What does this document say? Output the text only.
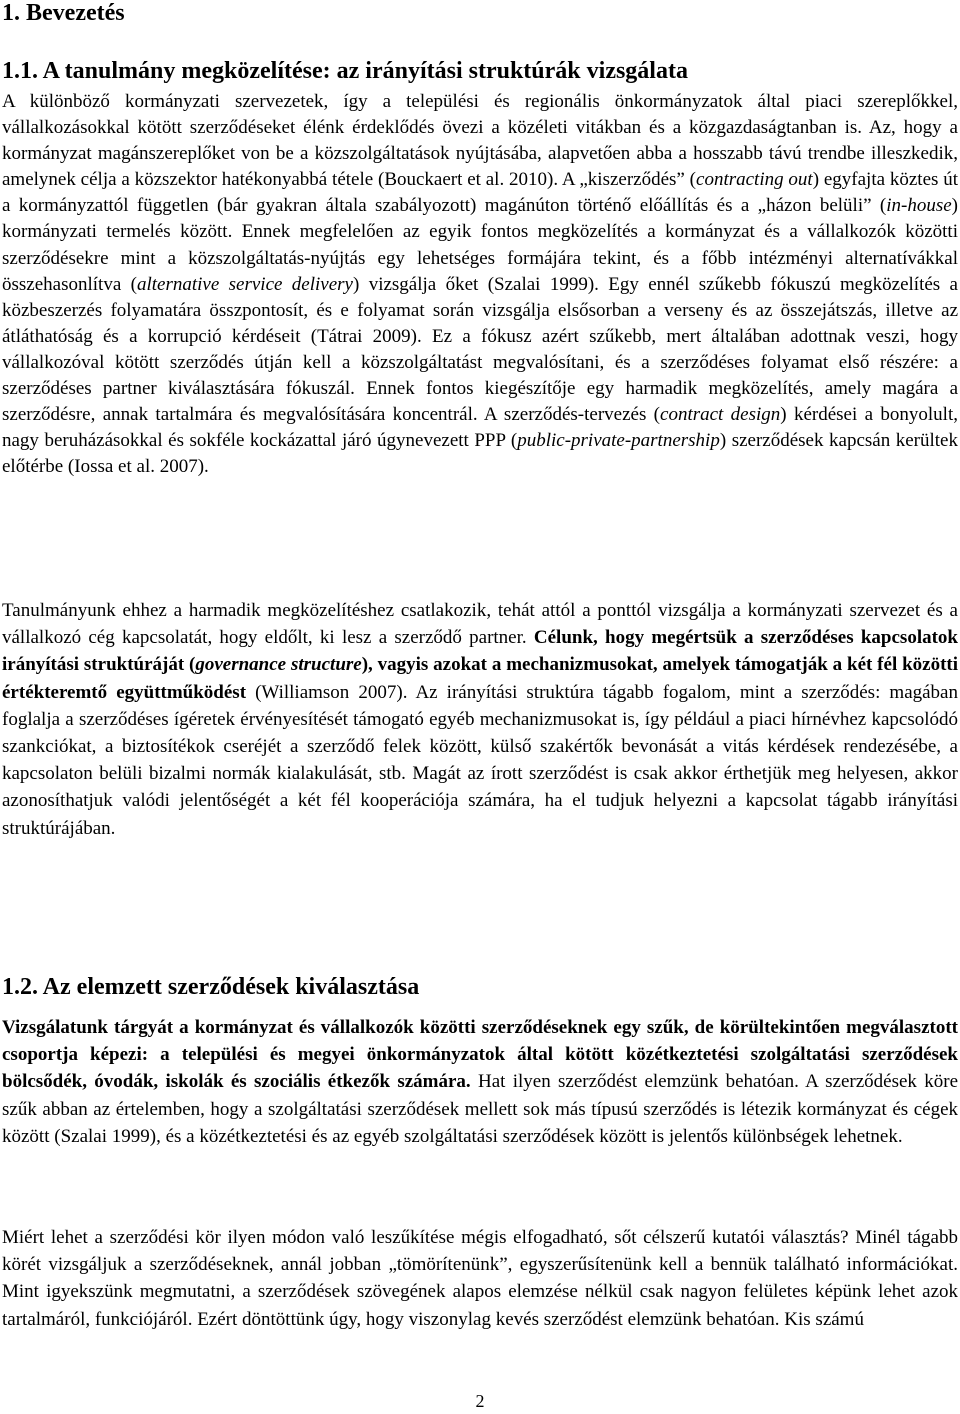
1. Bevezetés
1.1. A tanulmány megközelítése: az irányítási struktúrák vizsgálata

A különböző kormányzati szervezetek, így a települési és regionális önkormányzatok által piaci szereplőkkel, vállalkozásokkal kötött szerződéseket élénk érdeklődés övezi a közéleti vitákban és a közgazdaságtanban is. Az, hogy a kormányzat magánszereplőket von be a közszolgáltatások nyújtásába, alapvetően abba a hosszabb távú trendbe illeszkedik, amelynek célja a közszektor hatékonyabbá tétele (Bouckaert et al. 2010). A „kiszerződés” (contracting out) egyfajta köztes út a kormányzattól független (bár gyakran általa szabályozott) magánúton történő előállítás és a „házon belüli” (in-house) kormányzati termelés között. Ennek megfelelően az egyik fontos megközelítés a kormányzat és a vállalkozók közötti szerződésekre mint a közszolgáltatás-nyújtás egy lehetséges formájára tekint, és a főbb intézményi alternatívákkal összehasonlítva (alternative service delivery) vizsgálja őket (Szalai 1999). Egy ennél szűkebb fókuszú megközelítés a közbeszerzés folyamatára összpontosít, és e folyamat során vizsgálja elsősorban a verseny és az összejátszás, illetve az átláthatóság és a korrupció kérdéseit (Tátrai 2009). Ez a fókusz azért szűkebb, mert általában adottnak veszi, hogy vállalkozóval kötött szerződés útján kell a közszolgáltatást megvalósítani, és a szerződéses folyamat első részére: a szerződéses partner kiválasztására fókuszál. Ennek fontos kiegészítője egy harmadik megközelítés, amely magára a szerződésre, annak tartalmára és megvalósítására koncentrál. A szerződés-tervezés (contract design) kérdései a bonyolult, nagy beruházásokkal és sokféle kockázattal járó úgynevezett PPP (public-private-partnership) szerződések kapcsán kerültek előtérbe (Iossa et al. 2007).

Tanulmányunk ehhez a harmadik megközelítéshez csatlakozik, tehát attól a ponttól vizsgálja a kormányzati szervezet és a vállalkozó cég kapcsolatát, hogy eldőlt, ki lesz a szerződő partner. Célunk, hogy megértsük a szerződéses kapcsolatok irányítási struktúráját (governance structure), vagyis azokat a mechanizmusokat, amelyek támogatják a két fél közötti értékteremtő együttműködést (Williamson 2007). Az irányítási struktúra tágabb fogalom, mint a szerződés: magában foglalja a szerződéses ígéretek érvényesítését támogató egyéb mechanizmusokat is, így például a piaci hírnévhez kapcsolódó szankciókat, a biztosítékok cseréjét a szerződő felek között, külső szakértők bevonását a vitás kérdések rendezésébe, a kapcsolaton belüli bizalmi normák kialakulását, stb. Magát az írott szerződést is csak akkor érthetjük meg helyesen, akkor azonosíthatjuk valódi jelentőségét a két fél kooperációja számára, ha el tudjuk helyezni a kapcsolat tágabb irányítási struktúrájában.

1.2. Az elemzett szerződések kiválasztása

Vizsgálatunk tárgyát a kormányzat és vállalkozók közötti szerződéseknek egy szűk, de körültekintően megválasztott csoportja képezi: a települési és megyei önkormányzatok által kötött közétkeztetési szolgáltatási szerződések bölcsődék, óvodák, iskolák és szociális étkezők számára. Hat ilyen szerződést elemzünk behatóan. A szerződések köre szűk abban az értelemben, hogy a szolgáltatási szerződések mellett sok más típusú szerződés is létezik kormányzat és cégek között (Szalai 1999), és a közétkeztetési és az egyéb szolgáltatási szerződések között is jelentős különbségek lehetnek.

Miért lehet a szerződési kör ilyen módon való leszűkítése mégis elfogadható, sőt célszerű kutatói választás? Minél tágabb körét vizsgáljuk a szerződéseknek, annál jobban „tömörítenünk”, egyszerűsítenünk kell a bennük található információkat. Mint igyekszünk megmutatni, a szerződések szövegének alapos elemzése nélkül csak nagyon felületes képünk lehet azok tartalmáról, funkciójáról. Ezért döntöttünk úgy, hogy viszonylag kevés szerződést elemzünk behatóan. Kis számú

2
